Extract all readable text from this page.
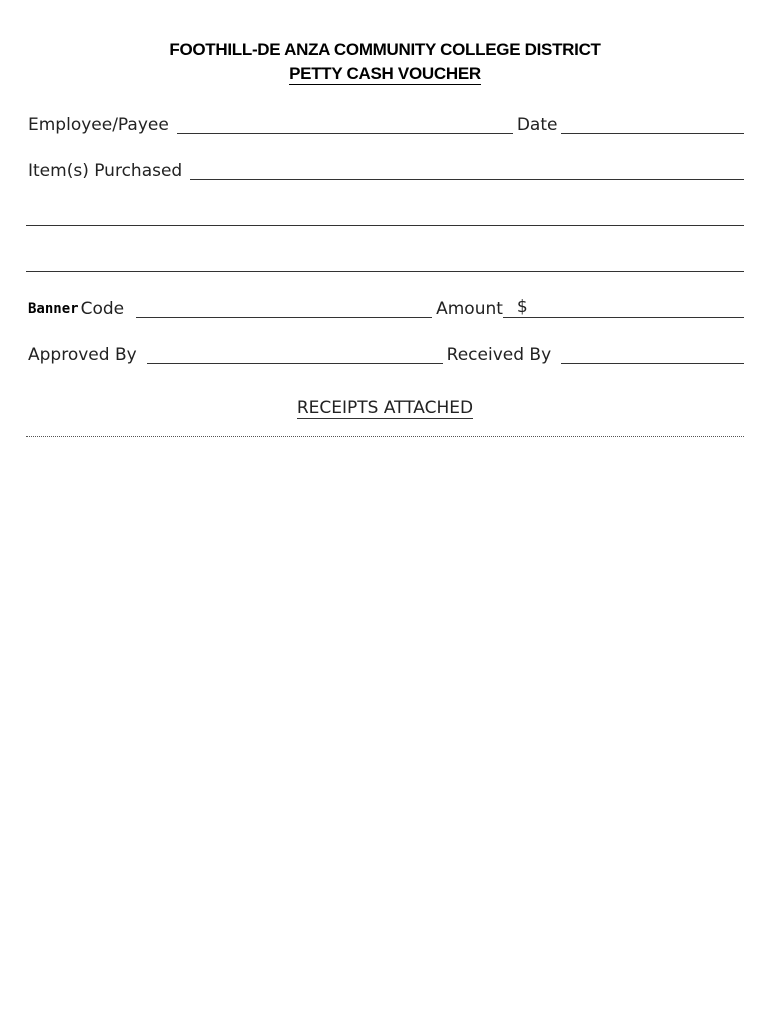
FOOTHILL-DE ANZA COMMUNITY COLLEGE DISTRICT
PETTY CASH VOUCHER
Employee/Payee	Date
Item(s) Purchased
Banner Code	Amount $
Approved By	Received By
RECEIPTS ATTACHED
